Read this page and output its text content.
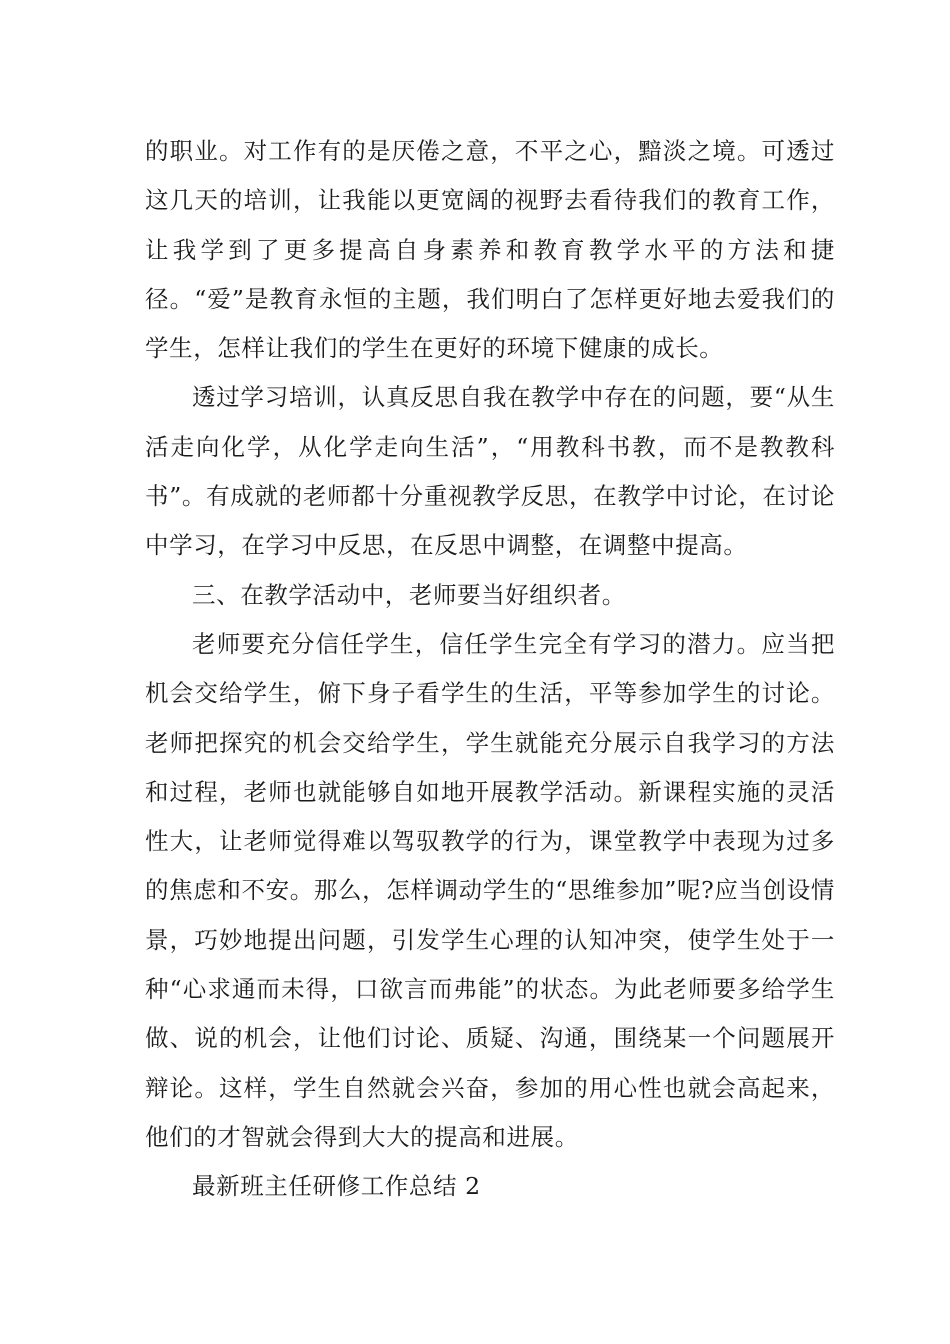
的职业。对工作有的是厌倦之意，不平之心，黯淡之境。可透过这几天的培训，让我能以更宽阔的视野去看待我们的教育工作，让我学到了更多提高自身素养和教育教学水平的方法和捷径。“爱”是教育永恒的主题，我们明白了怎样更好地去爱我们的学生，怎样让我们的学生在更好的环境下健康的成长。

透过学习培训，认真反思自我在教学中存在的问题，要“从生活走向化学，从化学走向生活”，“用教科书教，而不是教教科书”。有成就的老师都十分重视教学反思，在教学中讨论，在讨论中学习，在学习中反思，在反思中调整，在调整中提高。

三、在教学活动中，老师要当好组织者。

老师要充分信任学生，信任学生完全有学习的潜力。应当把机会交给学生，俯下身子看学生的生活，平等参加学生的讨论。老师把探究的机会交给学生，学生就能充分展示自我学习的方法和过程，老师也就能够自如地开展教学活动。新课程实施的灵活性大，让老师觉得难以驾驭教学的行为，课堂教学中表现为过多的焦虑和不安。那么，怎样调动学生的“思维参加”呢?应当创设情景，巧妙地提出问题，引发学生心理的认知冲突，使学生处于一种“心求通而未得，口欲言而弗能”的状态。为此老师要多给学生做、说的机会，让他们讨论、质疑、沟通，围绕某一个问题展开辩论。这样，学生自然就会兴奋，参加的用心性也就会高起来，他们的才智就会得到大大的提高和进展。

最新班主任研修工作总结 2
